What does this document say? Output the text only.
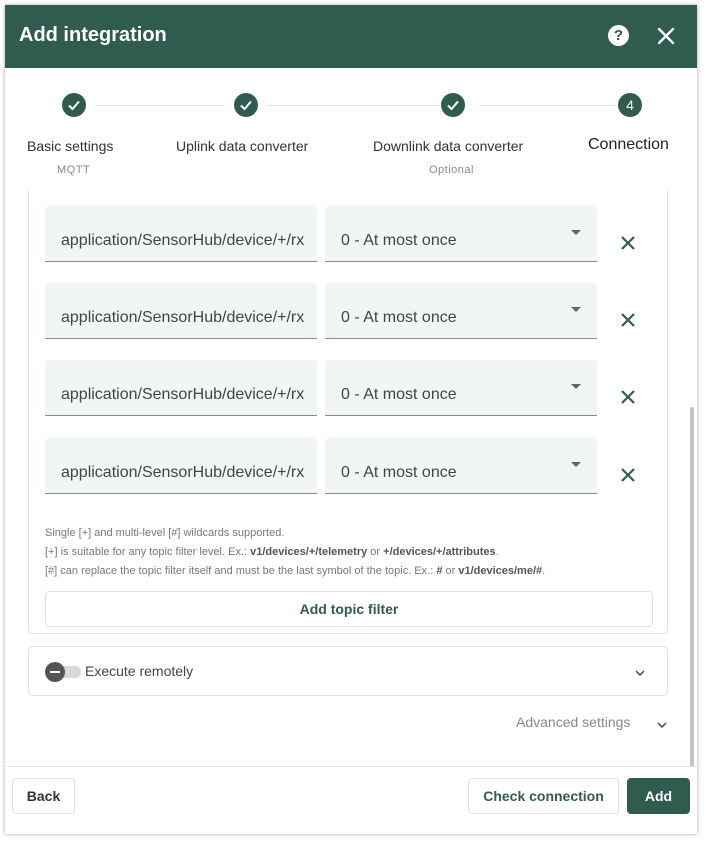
Add integration	?
4
Basic settings
MQTT
Uplink data converter	Downlink data converter
Optional
Connection
application/SensorHub/device/+/rx	0 - At most once
application/SensorHub/device/+/rx	0 - At most once
application/SensorHub/device/+/rx	0 - At most once
application/SensorHub/device/+/rx	0 - At most once
Single [+] and multi-level [#] wildcards supported.
[+] is suitable for any topic filter level. Ex.: v1/devices/+/telemetry or +/devices/+/attributes.
[#] can replace the topic filter itself and must be the last symbol of the topic. Ex.: # or v1/devices/me/#.
Add topic filter
Execute remotely
Advanced settings
Back	Check connection	Add
